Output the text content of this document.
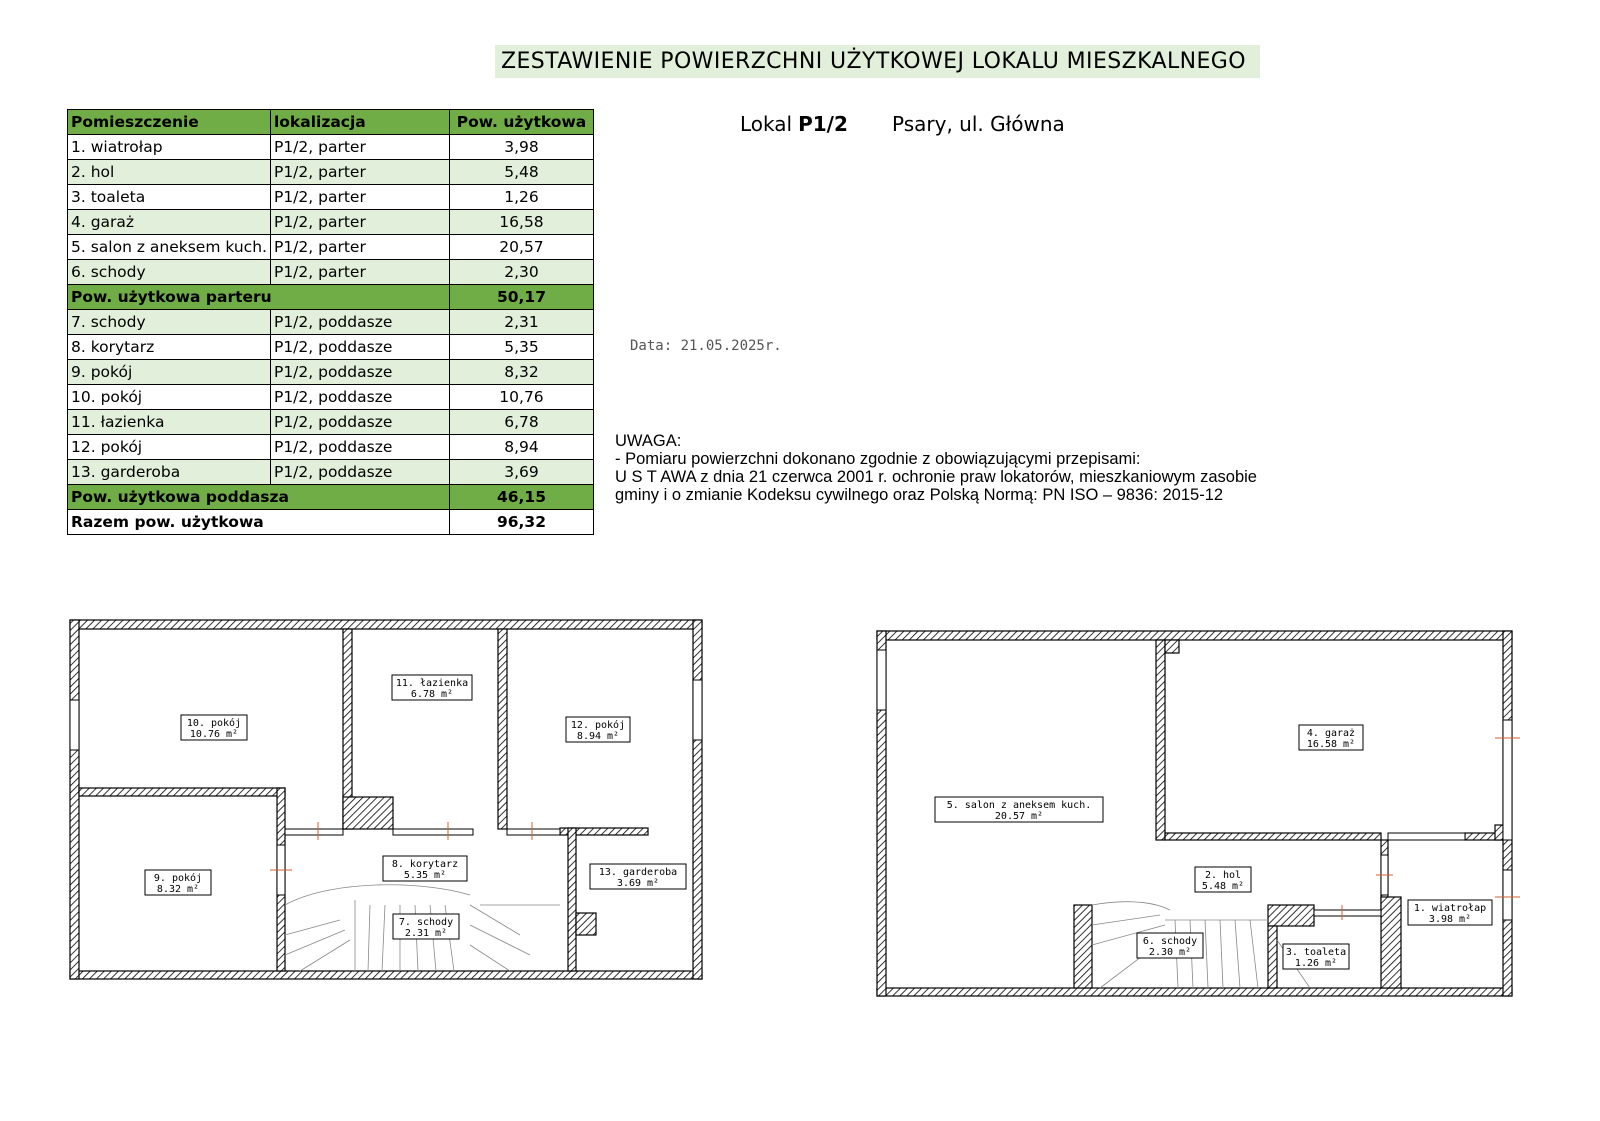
ZESTAWIENIE POWIERZCHNI UŻYTKOWEJ LOKALU MIESZKALNEGO
Pomieszczenie	lokalizacja	Pow. użytkowa
1. wiatrołap	P1/2, parter	3,98
2. hol	P1/2, parter	5,48
3. toaleta	P1/2, parter	1,26
4. garaż	P1/2, parter	16,58
5. salon z aneksem kuch.	P1/2, parter	20,57
6. schody	P1/2, parter	2,30
Pow. użytkowa parteru		50,17
7. schody	P1/2, poddasze	2,31
8. korytarz	P1/2, poddasze	5,35
9. pokój	P1/2, poddasze	8,32
10. pokój	P1/2, poddasze	10,76
11. łazienka	P1/2, poddasze	6,78
12. pokój	P1/2, poddasze	8,94
13. garderoba	P1/2, poddasze	3,69
Pow. użytkowa poddasza		46,15
Razem pow. użytkowa		96,32
Lokal P1/2 Psary, ul. Główna
Data: 21.05.2025r.
UWAGA:
- Pomiaru powierzchni dokonano zgodnie z obowiązującymi przepisami:
U S T AWA z dnia 21 czerwca 2001 r. ochronie praw lokatorów, mieszkaniowym zasobie
gminy i o zmianie Kodeksu cywilnego oraz Polską Normą: PN ISO – 9836: 2015-12
10. pokój
10.76 m²
11. łazienka
6.78 m²
12. pokój
8.94 m²
9. pokój
8.32 m²
8. korytarz
5.35 m²	13. garderoba
3.69 m²
7. schody
2.31 m²
4. garaż
16.58 m²
5. salon z aneksem kuch.
20.57 m²
2. hol
5.48 m²
1. wiatrołap
3.98 m²
6. schody
2.30 m²	3. toaleta
1.26 m²
